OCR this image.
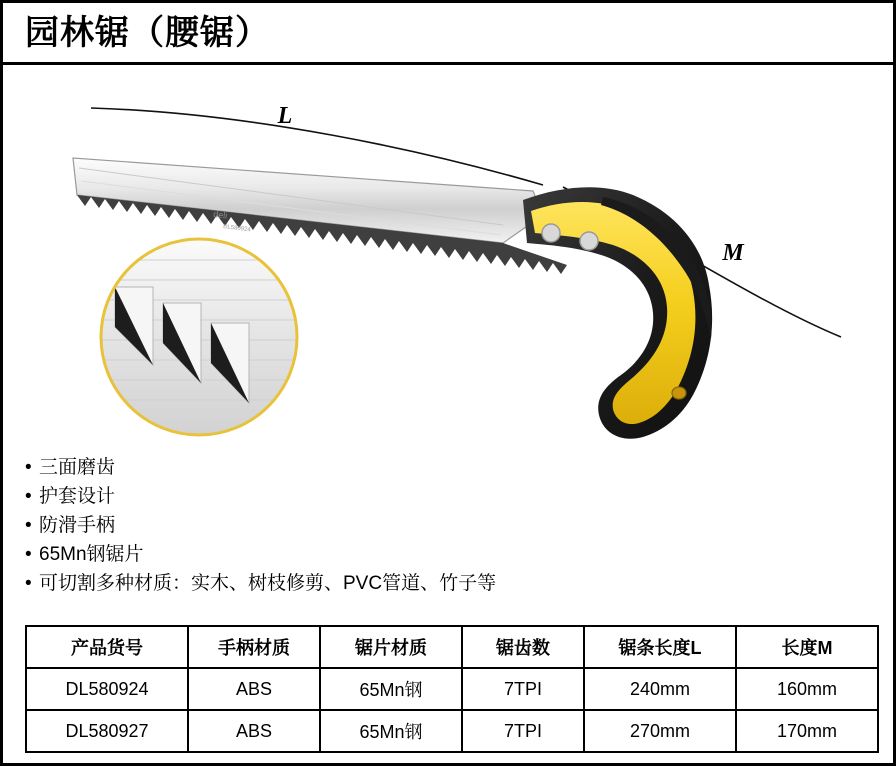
园林锯（腰锯）
deli
DL580924
L
M
• 三面磨齿
• 护套设计
• 防滑手柄
• 65Mn钢锯片
• 可切割多种材质：实木、树枝修剪、PVC管道、竹子等
产品货号	手柄材质	锯片材质	锯齿数	锯条长度L	长度M
DL580924	ABS	65Mn钢	7TPI	240mm	160mm
DL580927	ABS	65Mn钢	7TPI	270mm	170mm
